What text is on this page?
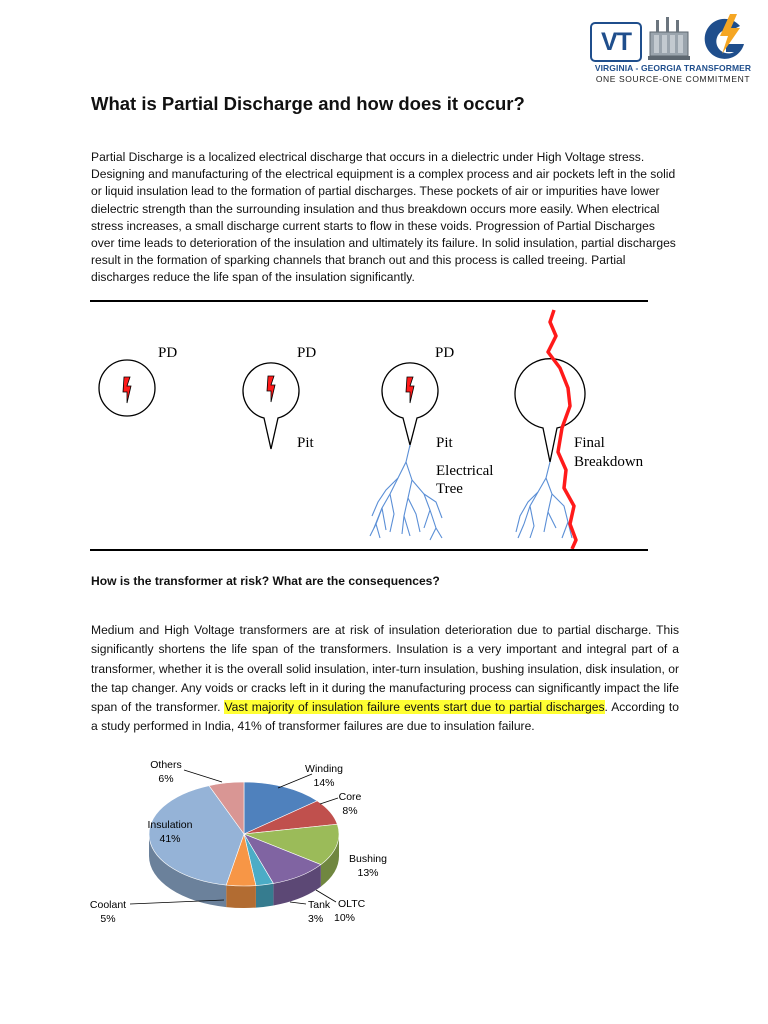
VT
VIRGINIA - GEORGIA TRANSFORMER
ONE SOURCE-ONE COMMITMENT
What is Partial Discharge and how does it occur?
Partial Discharge is a localized electrical discharge that occurs in a dielectric under High Voltage stress. Designing and manufacturing of the electrical equipment is a complex process and air pockets left in the solid or liquid insulation lead to the formation of partial discharges. These pockets of air or impurities have lower dielectric strength than the surrounding insulation and thus breakdown occurs more easily. When electrical stress increases, a small discharge current starts to flow in these voids. Progression of Partial Discharges over time leads to deterioration of the insulation and ultimately its failure. In solid insulation, partial discharges result in the formation of sparking channels that branch out and this process is called treeing. Partial discharges reduce the life span of the insulation significantly.
PD	PD
Pit
PD
Pit
Electrical
Tree
Final
Breakdown
How is the transformer at risk? What are the consequences?
Medium and High Voltage transformers are at risk of insulation deterioration due to partial discharge. This significantly shortens the life span of the transformers. Insulation is a very important and integral part of a transformer, whether it is the overall solid insulation, inter-turn insulation, bushing insulation, disk insulation, or the tap changer. Any voids or cracks left in it during the manufacturing process can significantly impact the life span of the transformer. Vast majority of insulation failure events start due to partial discharges. According to a study performed in India, 41% of transformer failures are due to insulation failure.
Winding
14%
Core
8%
Bushing
13%
OLTC
10%
Tank
3%
Coolant
5%
Insulation
41%
Others
6%
